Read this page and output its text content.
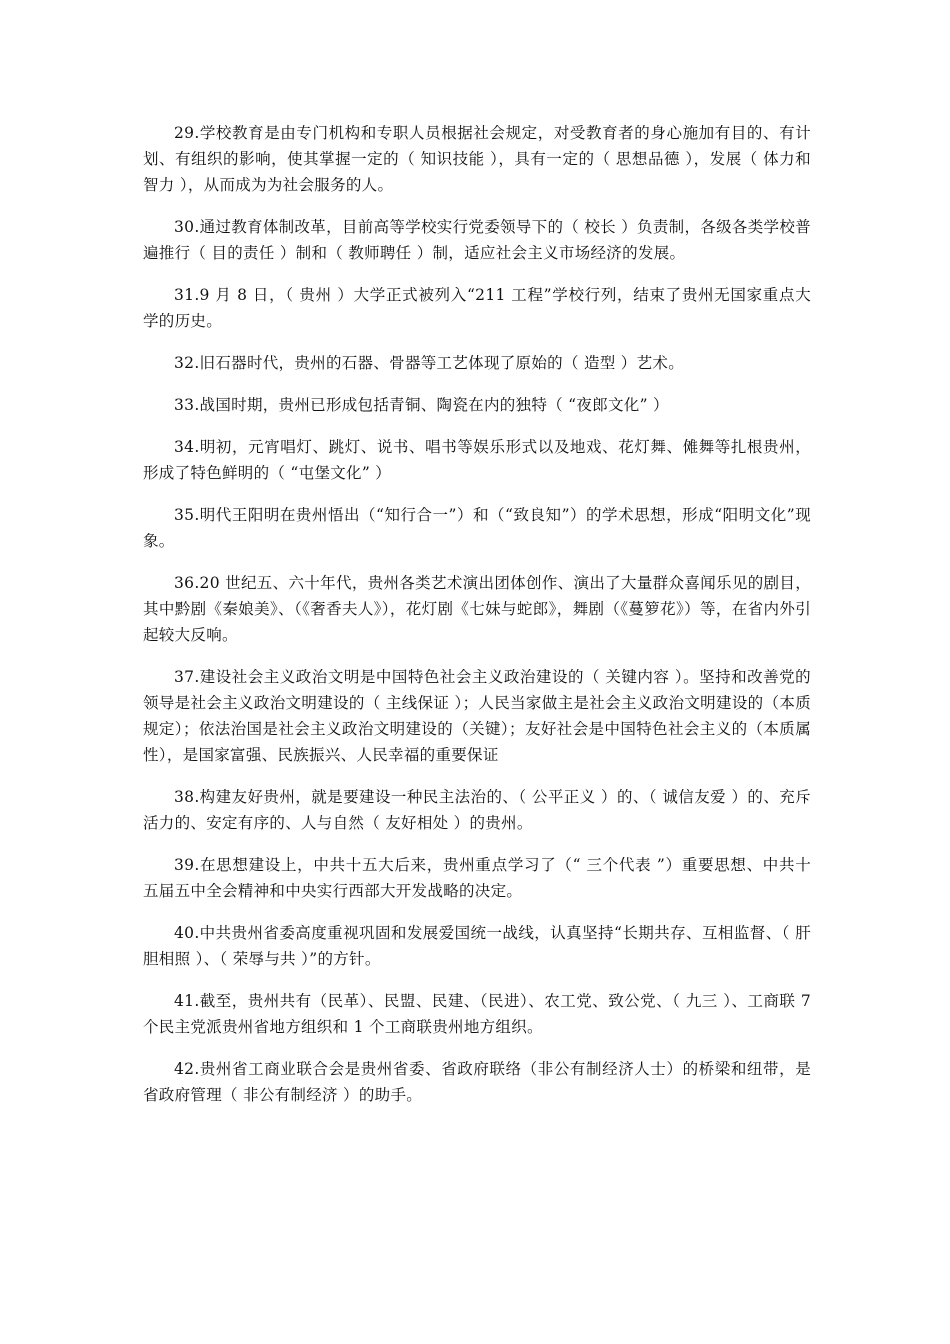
29.学校教育是由专门机构和专职人员根据社会规定，对受教育者的身心施加有目的、有计划、有组织的影响，使其掌握一定的（ 知识技能 ），具有一定的（ 思想品德 ），发展（ 体力和智力 ），从而成为为社会服务的人。

30.通过教育体制改革，目前高等学校实行党委领导下的（ 校长 ）负责制，各级各类学校普遍推行（ 目的责任 ）制和（ 教师聘任 ）制，适应社会主义市场经济的发展。

31.9 月 8 日，（ 贵州 ）大学正式被列入“211 工程”学校行列，结束了贵州无国家重点大学的历史。

32.旧石器时代，贵州的石器、骨器等工艺体现了原始的（ 造型 ）艺术。

33.战国时期，贵州已形成包括青铜、陶瓷在内的独特（ “夜郎文化” ）

34.明初，元宵唱灯、跳灯、说书、唱书等娱乐形式以及地戏、花灯舞、傩舞等扎根贵州，形成了特色鲜明的（ “屯堡文化” ）

35.明代王阳明在贵州悟出（“知行合一”）和（“致良知”）的学术思想，形成“阳明文化”现象。

36.20 世纪五、六十年代，贵州各类艺术演出团体创作、演出了大量群众喜闻乐见的剧目，其中黔剧《秦娘美》、（《奢香夫人》），花灯剧《七妹与蛇郎》，舞剧（《蔓箩花》）等，在省内外引起较大反响。

37.建设社会主义政治文明是中国特色社会主义政治建设的（ 关键内容 ）。坚持和改善党的领导是社会主义政治文明建设的（ 主线保证 ）；人民当家做主是社会主义政治文明建设的（本质规定）；依法治国是社会主义政治文明建设的（关键）；友好社会是中国特色社会主义的（本质属性），是国家富强、民族振兴、人民幸福的重要保证

38.构建友好贵州，就是要建设一种民主法治的、（ 公平正义 ）的、（ 诚信友爱 ）的、充斥活力的、安定有序的、人与自然（ 友好相处 ）的贵州。

39.在思想建设上，中共十五大后来，贵州重点学习了（“ 三个代表 ”）重要思想、中共十五届五中全会精神和中央实行西部大开发战略的决定。

40.中共贵州省委高度重视巩固和发展爱国统一战线，认真坚持“长期共存、互相监督、（ 肝胆相照 ）、（ 荣辱与共 ）”的方针。

41.截至，贵州共有（民革）、民盟、民建、（民进）、农工党、致公党、（ 九三 ）、工商联 7 个民主党派贵州省地方组织和 1 个工商联贵州地方组织。

42.贵州省工商业联合会是贵州省委、省政府联络（非公有制经济人士）的桥梁和纽带，是省政府管理（ 非公有制经济 ）的助手。
